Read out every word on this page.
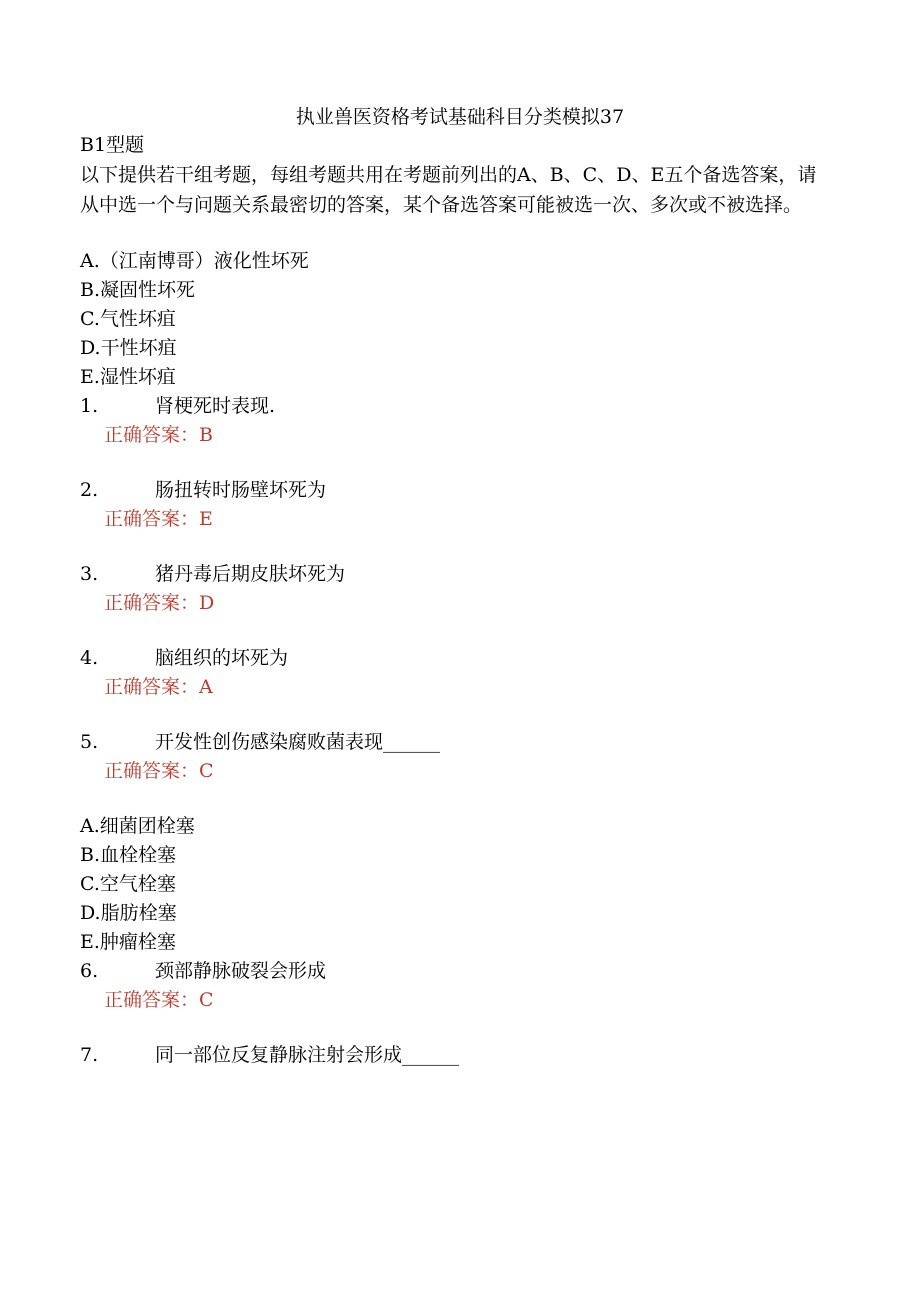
执业兽医资格考试基础科目分类模拟37
B1型题
以下提供若干组考题，每组考题共用在考题前列出的A、B、C、D、E五个备选答案，请从中选一个与问题关系最密切的答案，某个备选答案可能被选一次、多次或不被选择。
A.（江南博哥）液化性坏死
B.凝固性坏死
C.气性坏疽
D.干性坏疽
E.湿性坏疽
1.	肾梗死时表现.
正确答案：B
2.	肠扭转时肠壁坏死为
正确答案：E
3.	猪丹毒后期皮肤坏死为
正确答案：D
4.	脑组织的坏死为
正确答案：A
5.	开发性创伤感染腐败菌表现______
正确答案：C
A.细菌团栓塞
B.血栓栓塞
C.空气栓塞
D.脂肪栓塞
E.肿瘤栓塞
6.	颈部静脉破裂会形成
正确答案：C
7.	同一部位反复静脉注射会形成______
